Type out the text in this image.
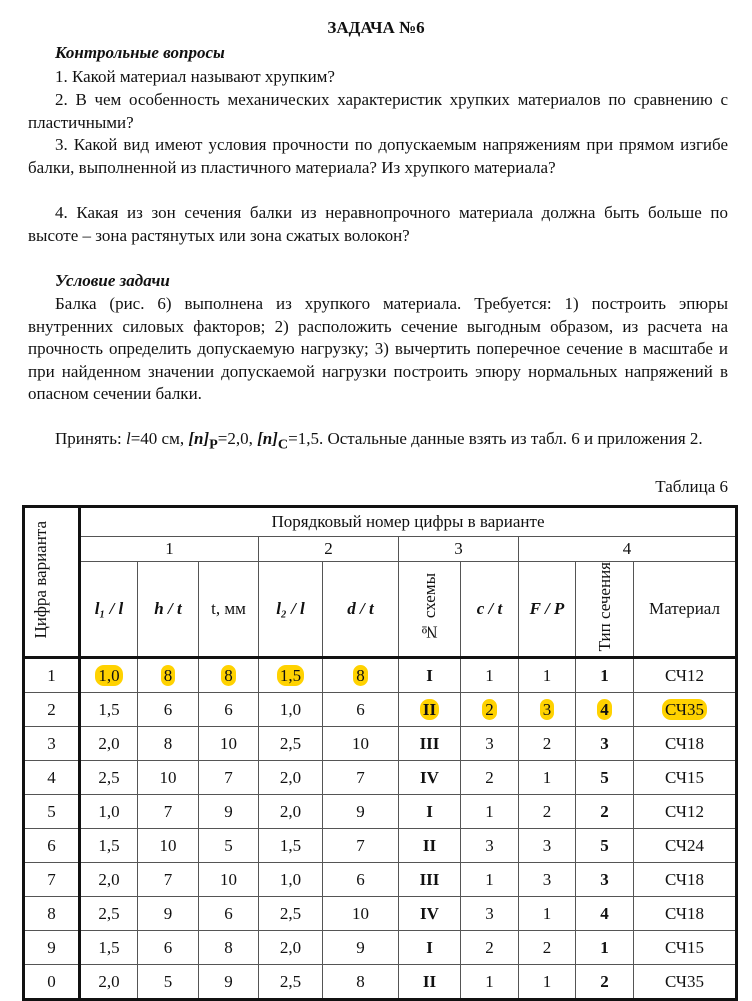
ЗАДАЧА №6
Контрольные вопросы
1. Какой материал называют хрупким?
2. В чем особенность механических характеристик хрупких материалов по сравнению с пластичными?
3. Какой вид имеют условия прочности по допускаемым напряжениям при прямом изгибе балки, выполненной из пластичного материала? Из хрупкого материала?
4. Какая из зон сечения балки из неравнопрочного материала должна быть больше по высоте – зона растянутых или зона сжатых волокон?
Условие задачи
Балка (рис. 6) выполнена из хрупкого материала. Требуется: 1) построить эпюры внутренних силовых факторов; 2) расположить сечение выгодным образом, из расчета на прочность определить допускаемую нагрузку; 3) вычертить поперечное сечение в масштабе и при найденном значении допускаемой нагрузки построить эпюру нормальных напряжений в опасном сечении балки.
Принять: l=40 см, $[n]_P=2,0$, $[n]_C=1,5$. Остальные данные взять из табл. 6 и приложения 2.
Таблица 6
Цифра варианта	Порядковый номер цифры в варианте									
	1			2		3		4		
	l₁ / l	h / t	t, мм	l₂ / l	d / t	№ схемы	c / t	F / P	Тип сечения	Материал
1	1,0	8	8	1,5	8	I	1	1	1	СЧ12
2	1,5	6	6	1,0	6	II	2	3	4	СЧ35
3	2,0	8	10	2,5	10	III	3	2	3	СЧ18
4	2,5	10	7	2,0	7	IV	2	1	5	СЧ15
5	1,0	7	9	2,0	9	I	1	2	2	СЧ12
6	1,5	10	5	1,5	7	II	3	3	5	СЧ24
7	2,0	7	10	1,0	6	III	1	3	3	СЧ18
8	2,5	9	6	2,5	10	IV	3	1	4	СЧ18
9	1,5	6	8	2,0	9	I	2	2	1	СЧ15
0	2,0	5	9	2,5	8	II	1	1	2	СЧ35
